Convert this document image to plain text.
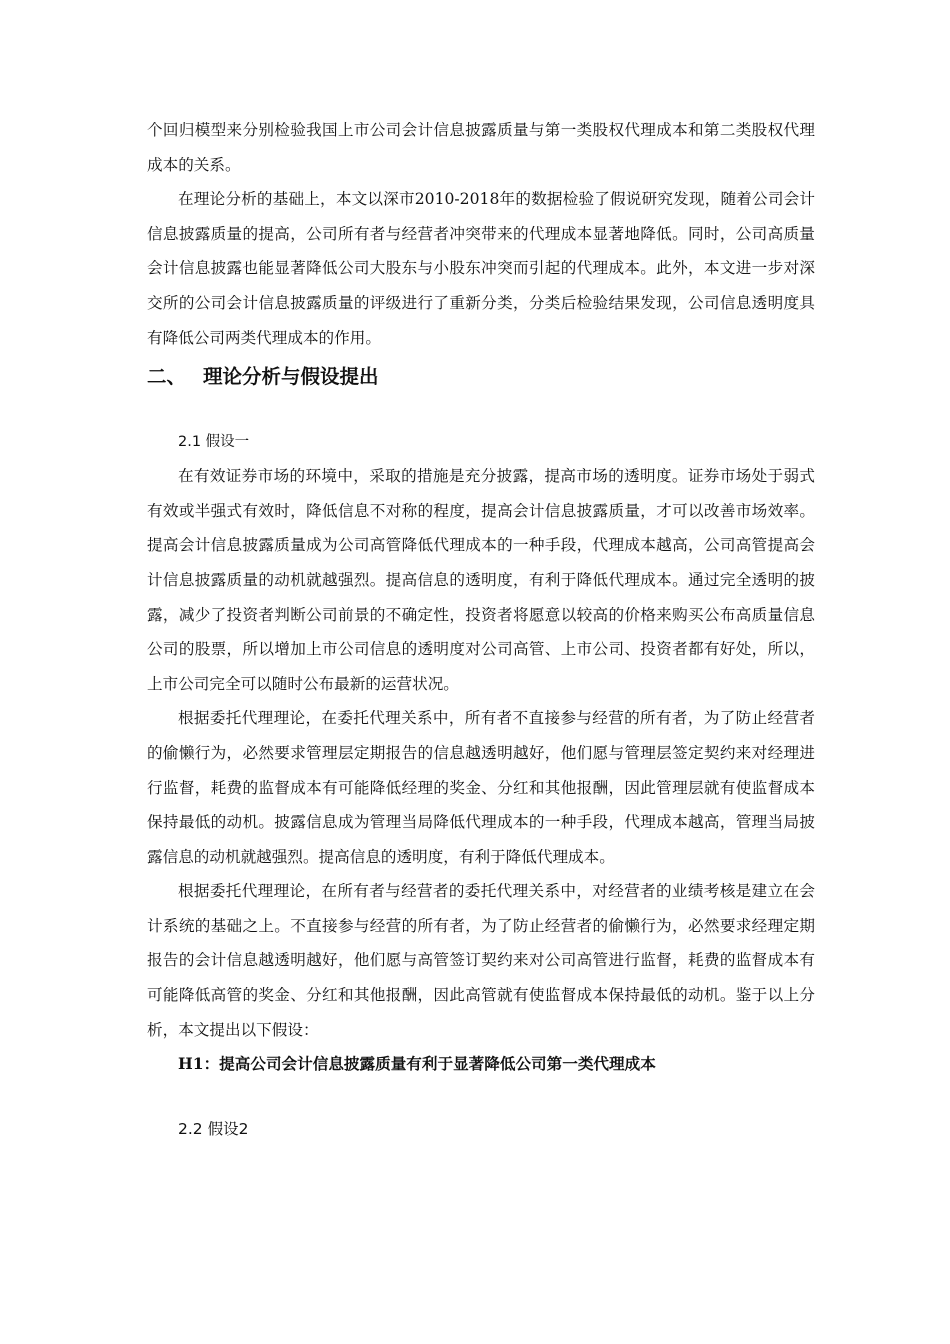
个回归模型来分别检验我国上市公司会计信息披露质量与第一类股权代理成本和第二类股权代理成本的关系。

在理论分析的基础上，本文以深市2010-2018年的数据检验了假说研究发现，随着公司会计信息披露质量的提高，公司所有者与经营者冲突带来的代理成本显著地降低。同时，公司高质量会计信息披露也能显著降低公司大股东与小股东冲突而引起的代理成本。此外，本文进一步对深交所的公司会计信息披露质量的评级进行了重新分类，分类后检验结果发现，公司信息透明度具有降低公司两类代理成本的作用。

二、 理论分析与假设提出
2.1 假设一

在有效证券市场的环境中，采取的措施是充分披露，提高市场的透明度。证券市场处于弱式有效或半强式有效时，降低信息不对称的程度，提高会计信息披露质量，才可以改善市场效率。提高会计信息披露质量成为公司高管降低代理成本的一种手段，代理成本越高，公司高管提高会计信息披露质量的动机就越强烈。提高信息的透明度，有利于降低代理成本。通过完全透明的披露，减少了投资者判断公司前景的不确定性，投资者将愿意以较高的价格来购买公布高质量信息公司的股票，所以增加上市公司信息的透明度对公司高管、上市公司、投资者都有好处，所以，上市公司完全可以随时公布最新的运营状况。

根据委托代理理论，在委托代理关系中，所有者不直接参与经营的所有者，为了防止经营者的偷懒行为，必然要求管理层定期报告的信息越透明越好，他们愿与管理层签定契约来对经理进行监督，耗费的监督成本有可能降低经理的奖金、分红和其他报酬，因此管理层就有使监督成本保持最低的动机。披露信息成为管理当局降低代理成本的一种手段，代理成本越高，管理当局披露信息的动机就越强烈。提高信息的透明度，有利于降低代理成本。

根据委托代理理论，在所有者与经营者的委托代理关系中，对经营者的业绩考核是建立在会计系统的基础之上。不直接参与经营的所有者，为了防止经营者的偷懒行为，必然要求经理定期报告的会计信息越透明越好，他们愿与高管签订契约来对公司高管进行监督，耗费的监督成本有可能降低高管的奖金、分红和其他报酬，因此高管就有使监督成本保持最低的动机。鉴于以上分析，本文提出以下假设：

H1：提高公司会计信息披露质量有利于显著降低公司第一类代理成本
2.2 假设2
